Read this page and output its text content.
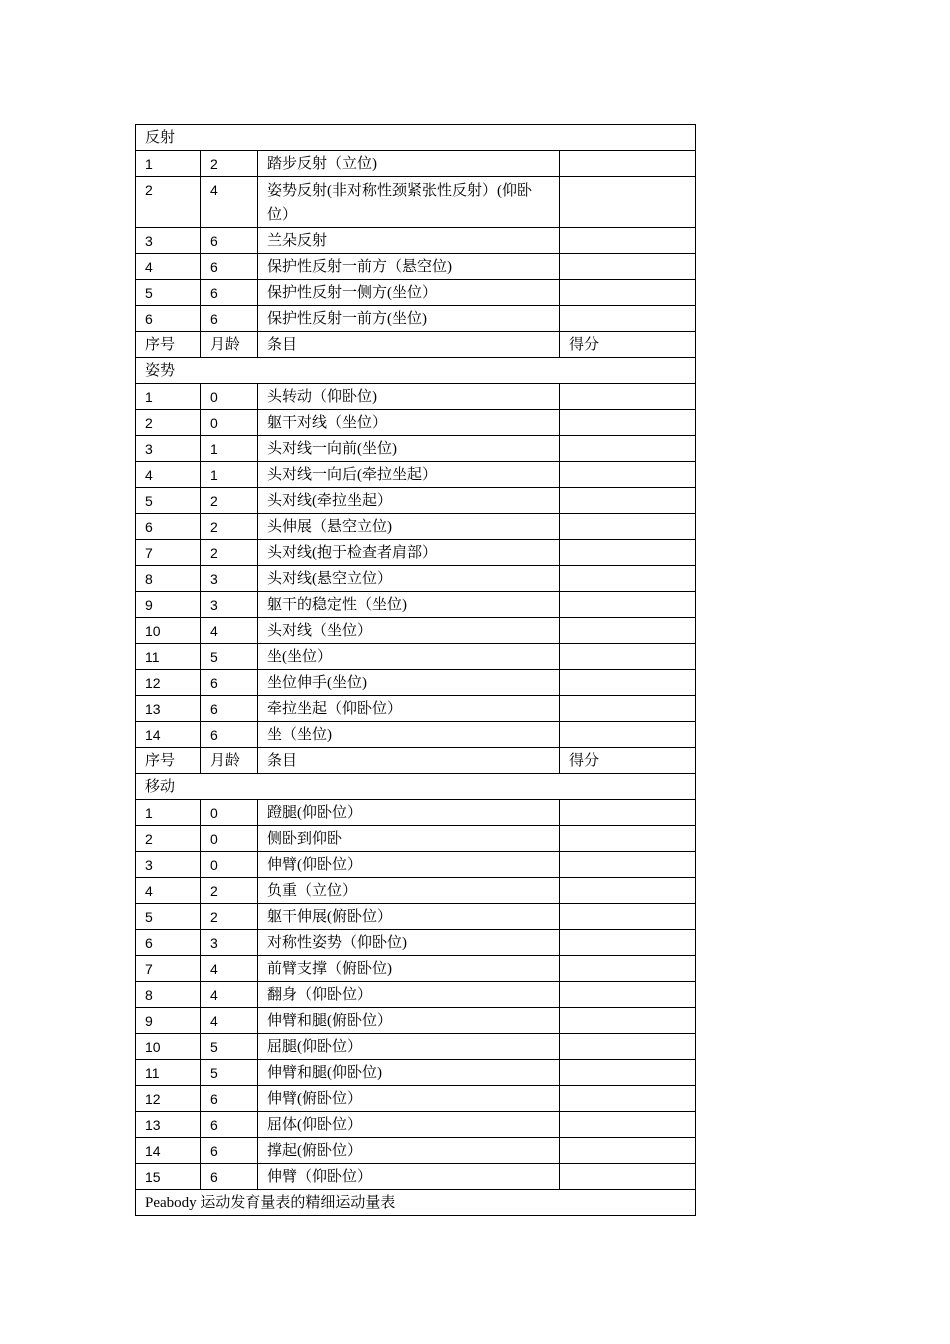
反射			
1	2	踏步反射（立位)	
2	4	姿势反射(非对称性颈紧张性反射）(仰卧位）	
3	6	兰朵反射	
4	6	保护性反射一前方（悬空位)	
5	6	保护性反射一侧方(坐位）	
6	6	保护性反射一前方(坐位)	
序号	月龄	条目	得分
姿势			
1	0	头转动（仰卧位)	
2	0	躯干对线（坐位）	
3	1	头对线一向前(坐位)	
4	1	头对线一向后(牵拉坐起）	
5	2	头对线(牵拉坐起）	
6	2	头伸展（悬空立位)	
7	2	头对线(抱于检查者肩部）	
8	3	头对线(悬空立位）	
9	3	躯干的稳定性（坐位)	
10	4	头对线（坐位）	
11	5	坐(坐位）	
12	6	坐位伸手(坐位)	
13	6	牵拉坐起（仰卧位）	
14	6	坐（坐位)	
序号	月龄	条目	得分
移动			
1	0	蹬腿(仰卧位）	
2	0	侧卧到仰卧	
3	0	伸臂(仰卧位）	
4	2	负重（立位）	
5	2	躯干伸展(俯卧位）	
6	3	对称性姿势（仰卧位)	
7	4	前臂支撑（俯卧位)	
8	4	翻身（仰卧位）	
9	4	伸臂和腿(俯卧位）	
10	5	屈腿(仰卧位）	
11	5	伸臂和腿(仰卧位)	
12	6	伸臂(俯卧位）	
13	6	屈体(仰卧位）	
14	6	撑起(俯卧位）	
15	6	伸臂（仰卧位）	
Peabody 运动发育量表的精细运动量表			
